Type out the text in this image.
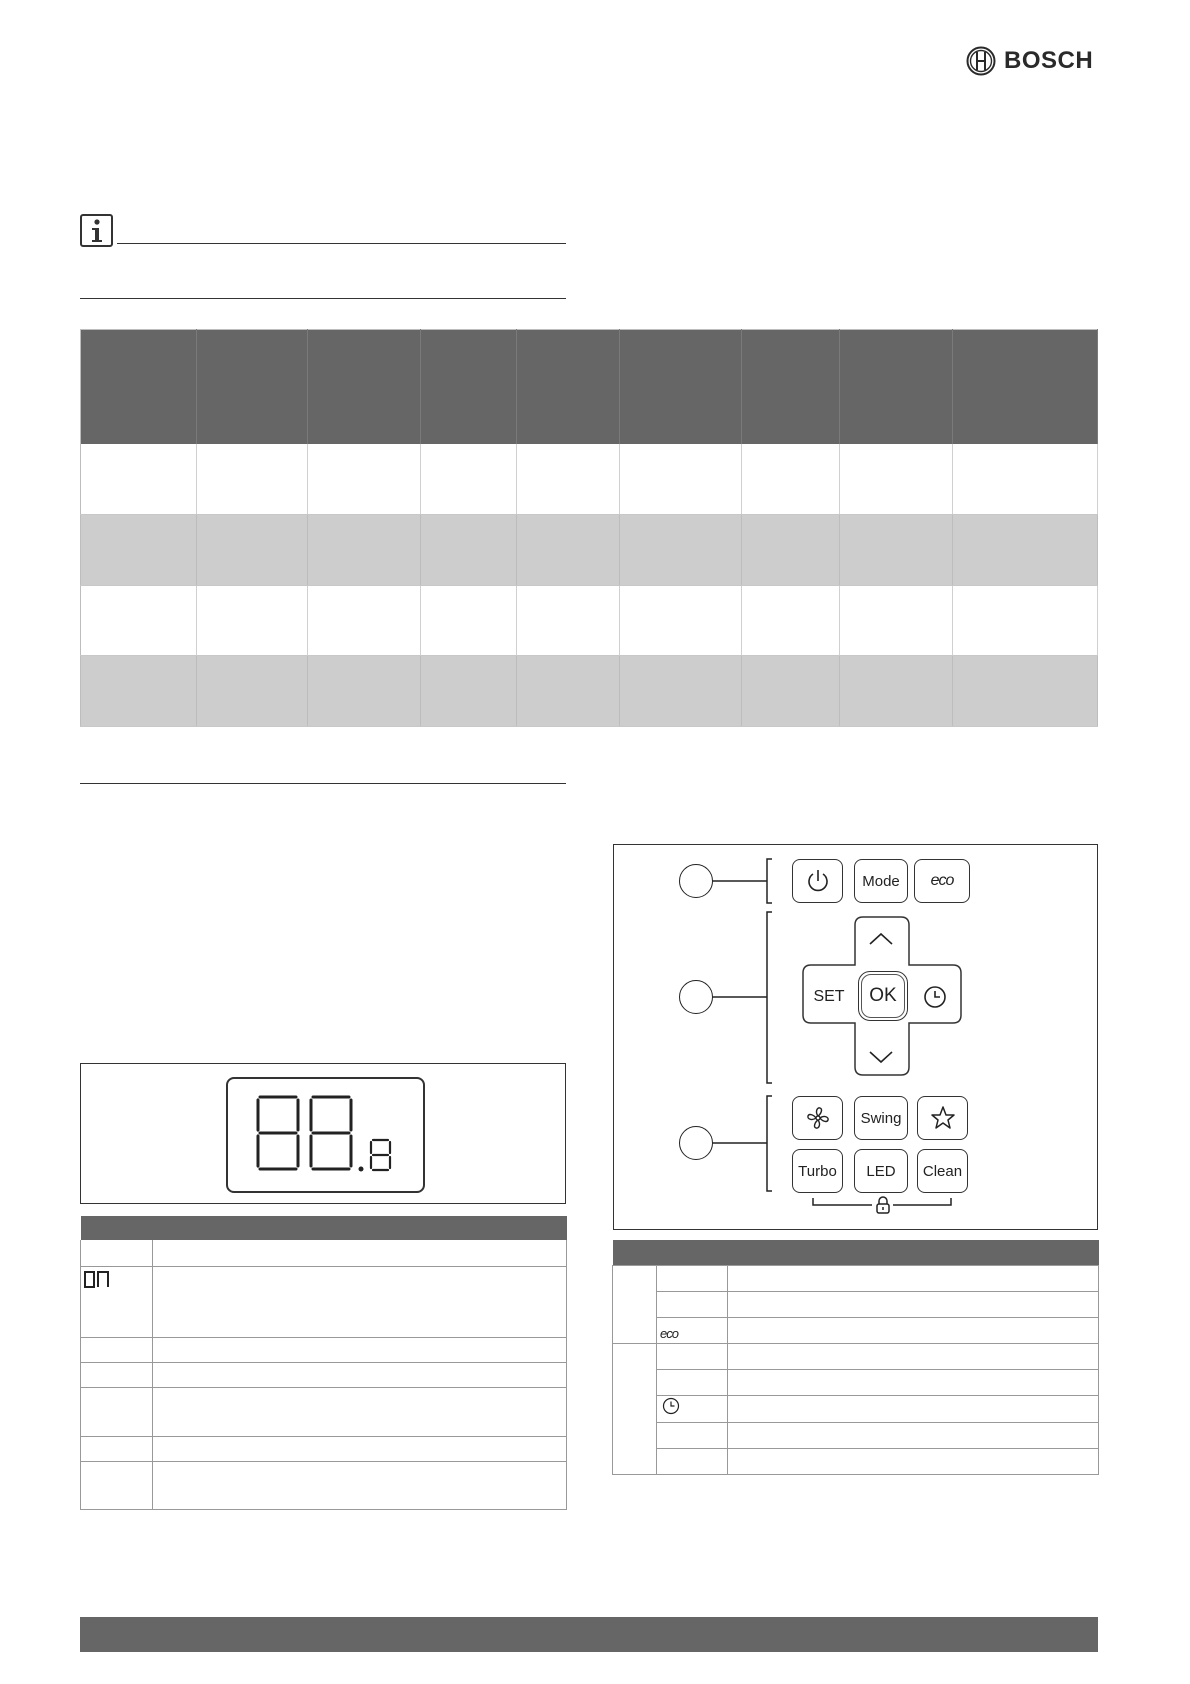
BOSCH

Mode eco
SET OK
Swing
Turbo LED Clean

	eco	
